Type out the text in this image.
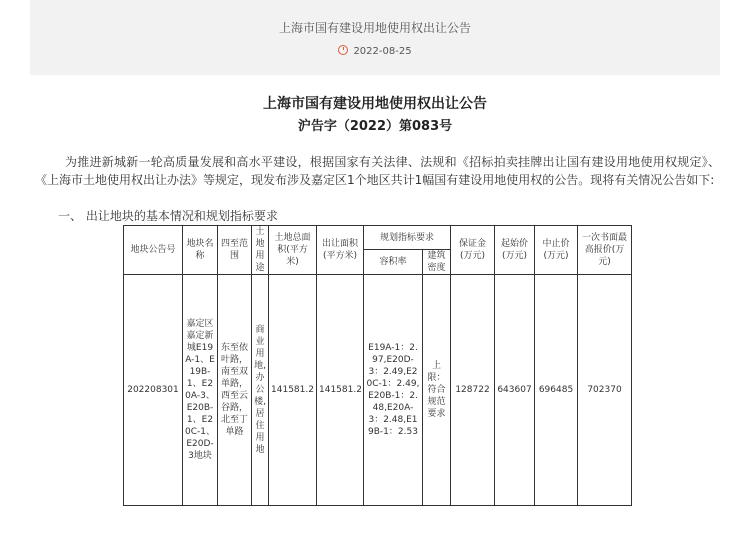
上海市国有建设用地使用权出让公告
2022-08-25
上海市国有建设用地使用权出让公告
沪告字（2022）第083号
为推进新城新一轮高质量发展和高水平建设，根据国家有关法律、法规和《招标拍卖挂牌出让国有建设用地使用权规定》、《上海市土地使用权出让办法》等规定，现发布涉及嘉定区1个地区共计1幅国有建设用地使用权的公告。现将有关情况公告如下:
一、 出让地块的基本情况和规划指标要求
地块公告号	地块名称	四至范围	土地用途	土地总面积(平方米)	出让面积(平方米)	规划指标要求		保证金(万元)	起始价(万元)	中止价(万元)	一次书面最高报价(万元)
						容积率	建筑密度				
202208301	嘉定区嘉定新城E19A-1、E19B-1、E20A-3、E20B-1、E20C-1、E20D-3地块	东至依叶路，南至双单路，西至云谷路，北至丁单路	商业用地,办公楼,居住用地	141581.2	141581.2	E19A-1：2.97,E20D-3：2.49,E20C-1：2.49,E20B-1：2.48,E20A-3：2.48,E19B-1：2.53	上限：符合规范要求	128722	643607	696485	702370
